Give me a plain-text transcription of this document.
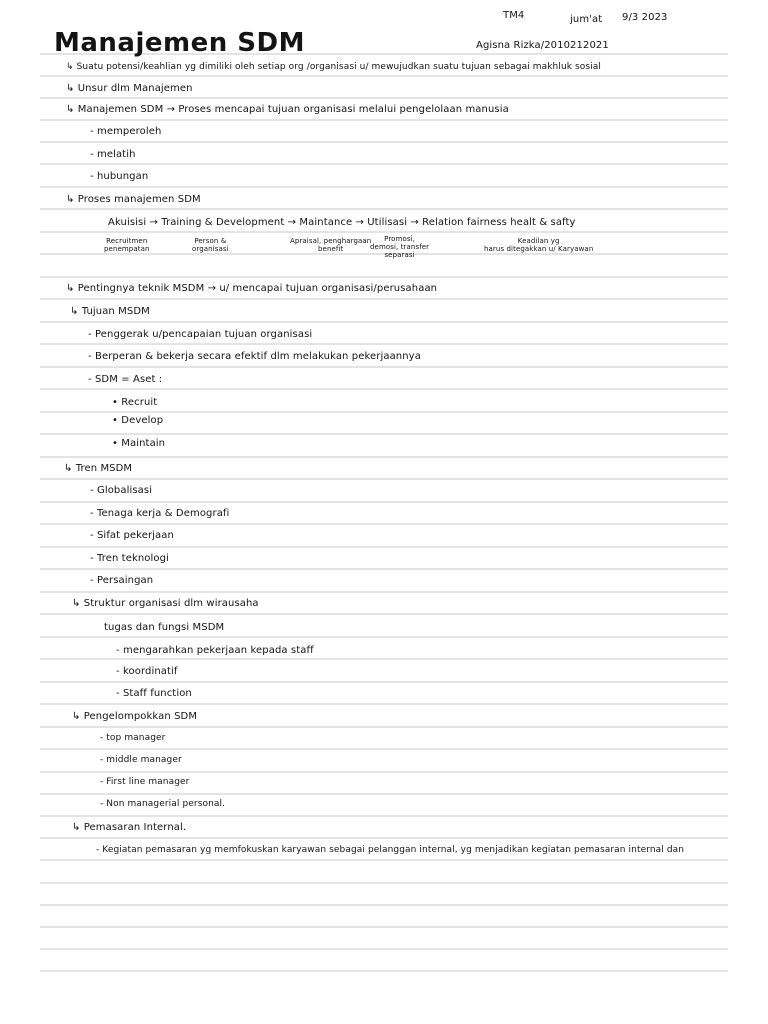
TM4	jum'at 9/3 2023
Manajemen SDM	Agisna Rizka/2010212021
↳ Suatu potensi/keahlian yg dimiliki oleh setiap org /organisasi u/ mewujudkan suatu tujuan sebagai makhluk sosial
↳ Unsur dlm Manajemen
↳ Manajemen SDM → Proses mencapai tujuan organisasi melalui pengelolaan manusia
- memperoleh
- melatih
- hubungan
↳ Proses manajemen SDM
Akuisisi → Training & Development → Maintance → Utilisasi → Relation fairness healt & safty
Recruitmen
penempatan
Person &
organisasi
Apraisal, penghargaan
benefit
Promosi,
demosi, transfer
separasi
Keadilan yg
harus ditegakkan u/ Karyawan
↳ Pentingnya teknik MSDM → u/ mencapai tujuan organisasi/perusahaan
↳ Tujuan MSDM
- Penggerak u/pencapaian tujuan organisasi
- Berperan & bekerja secara efektif dlm melakukan pekerjaannya
- SDM = Aset :
• Recruit
• Develop
• Maintain
↳ Tren MSDM
- Globalisasi
- Tenaga kerja & Demografi
- Sifat pekerjaan
- Tren teknologi
- Persaingan
↳ Struktur organisasi dlm wirausaha
tugas dan fungsi MSDM
- mengarahkan pekerjaan kepada staff
- koordinatif
- Staff function
↳ Pengelompokkan SDM
- top manager
- middle manager
- First line manager
- Non managerial personal.
↳ Pemasaran Internal.
- Kegiatan pemasaran yg memfokuskan karyawan sebagai pelanggan internal, yg menjadikan kegiatan pemasaran internal dan
